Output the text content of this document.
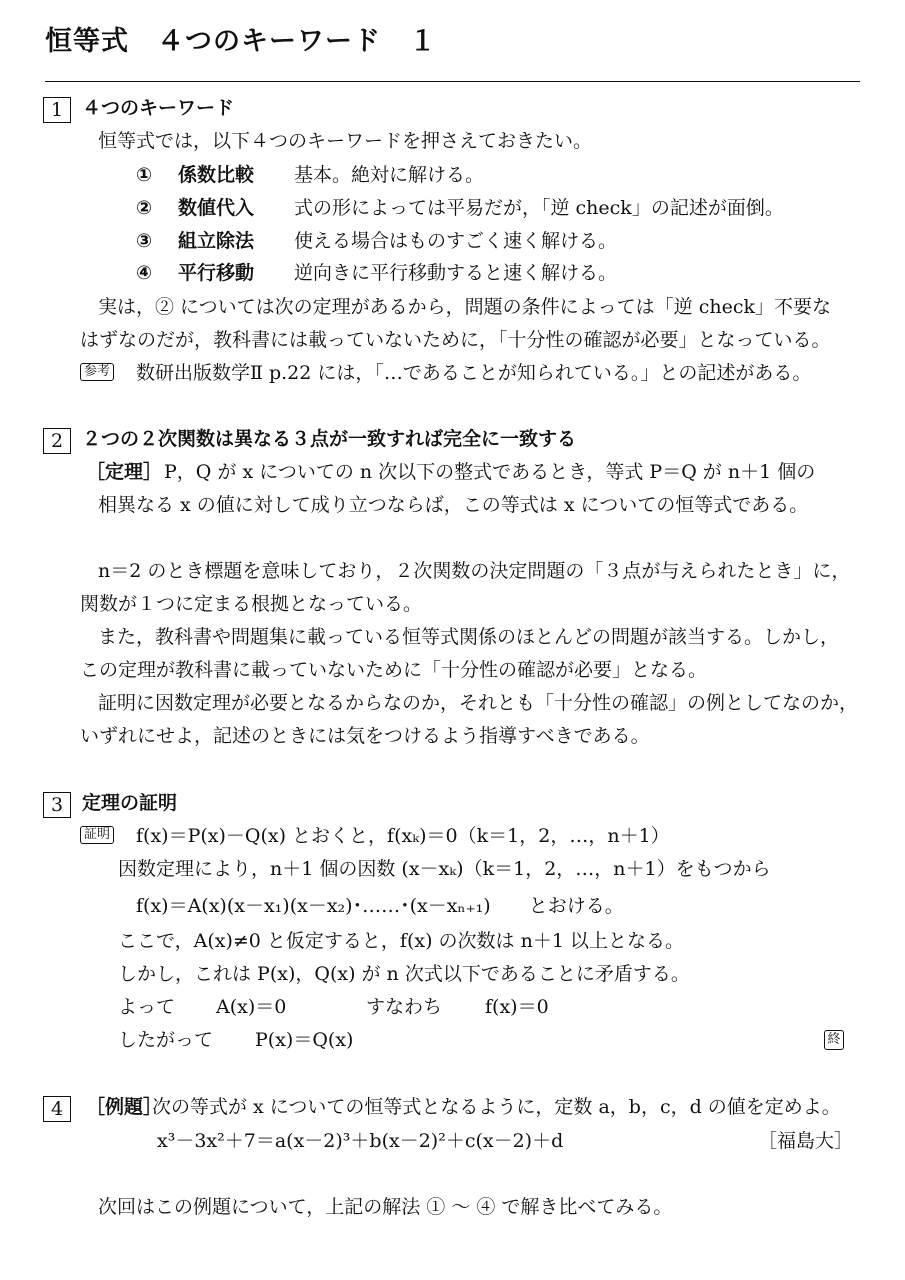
恒等式　４つのキーワード　１
1 ４つのキーワード
恒等式では，以下４つのキーワードを押さえておきたい。
① 係数比較 基本。絶対に解ける。
② 数値代入 式の形によっては平易だが，「逆 check」の記述が面倒。
③ 組立除法 使える場合はものすごく速く解ける。
④ 平行移動 逆向きに平行移動すると速く解ける。
実は，② については次の定理があるから，問題の条件によっては「逆 check」不要な
はずなのだが，教科書には載っていないために，「十分性の確認が必要」となっている。
参考 数研出版数学Ⅱ p.22 には，「…であることが知られている。」との記述がある。
2 ２つの２次関数は異なる３点が一致すれば完全に一致する
［定理］ P，Q が x についての n 次以下の整式であるとき，等式 P＝Q が n＋1 個の
相異なる x の値に対して成り立つならば，この等式は x についての恒等式である。
n＝2 のとき標題を意味しており，２次関数の決定問題の「３点が与えられたとき」に，
関数が１つに定まる根拠となっている。
また，教科書や問題集に載っている恒等式関係のほとんどの問題が該当する。しかし，
この定理が教科書に載っていないために「十分性の確認が必要」となる。
証明に因数定理が必要となるからなのか，それとも「十分性の確認」の例としてなのか，
いずれにせよ，記述のときには気をつけるよう指導すべきである。
3 定理の証明
証明 f(x)＝P(x)－Q(x) とおくと，f(xₖ)＝0（k＝1，2，…，n＋1）
因数定理により，n＋1 個の因数 (x－xₖ)（k＝1，2，…，n＋1）をもつから
f(x)＝A(x)(x－x₁)(x－x₂)･……･(x－xₙ₊₁)　　とおける。
ここで，A(x)≠0 と仮定すると，f(x) の次数は n＋1 以上となる。
しかし，これは P(x)，Q(x) が n 次式以下であることに矛盾する。
よって A(x)＝0	すなわち f(x)＝0
したがって P(x)＝Q(x)	終
4	［例題］
次の等式が x についての恒等式となるように，定数 a，b，c，d の値を定めよ。
x³－3x²＋7＝a(x－2)³＋b(x－2)²＋c(x－2)＋d	［福島大］
次回はこの例題について，上記の解法 ① ～ ④ で解き比べてみる。
